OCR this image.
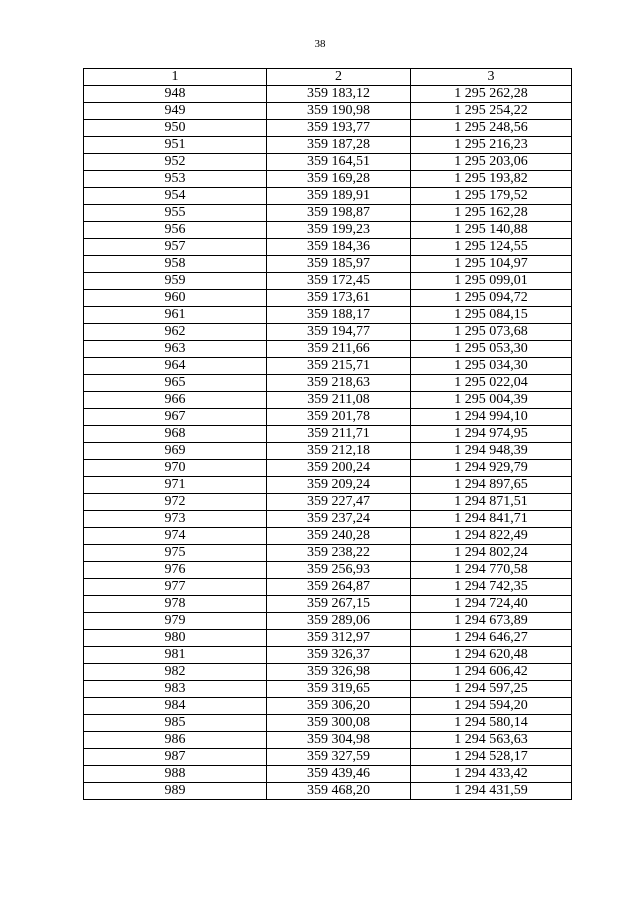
38
1	2	3
948	359 183,12	1 295 262,28
949	359 190,98	1 295 254,22
950	359 193,77	1 295 248,56
951	359 187,28	1 295 216,23
952	359 164,51	1 295 203,06
953	359 169,28	1 295 193,82
954	359 189,91	1 295 179,52
955	359 198,87	1 295 162,28
956	359 199,23	1 295 140,88
957	359 184,36	1 295 124,55
958	359 185,97	1 295 104,97
959	359 172,45	1 295 099,01
960	359 173,61	1 295 094,72
961	359 188,17	1 295 084,15
962	359 194,77	1 295 073,68
963	359 211,66	1 295 053,30
964	359 215,71	1 295 034,30
965	359 218,63	1 295 022,04
966	359 211,08	1 295 004,39
967	359 201,78	1 294 994,10
968	359 211,71	1 294 974,95
969	359 212,18	1 294 948,39
970	359 200,24	1 294 929,79
971	359 209,24	1 294 897,65
972	359 227,47	1 294 871,51
973	359 237,24	1 294 841,71
974	359 240,28	1 294 822,49
975	359 238,22	1 294 802,24
976	359 256,93	1 294 770,58
977	359 264,87	1 294 742,35
978	359 267,15	1 294 724,40
979	359 289,06	1 294 673,89
980	359 312,97	1 294 646,27
981	359 326,37	1 294 620,48
982	359 326,98	1 294 606,42
983	359 319,65	1 294 597,25
984	359 306,20	1 294 594,20
985	359 300,08	1 294 580,14
986	359 304,98	1 294 563,63
987	359 327,59	1 294 528,17
988	359 439,46	1 294 433,42
989	359 468,20	1 294 431,59
